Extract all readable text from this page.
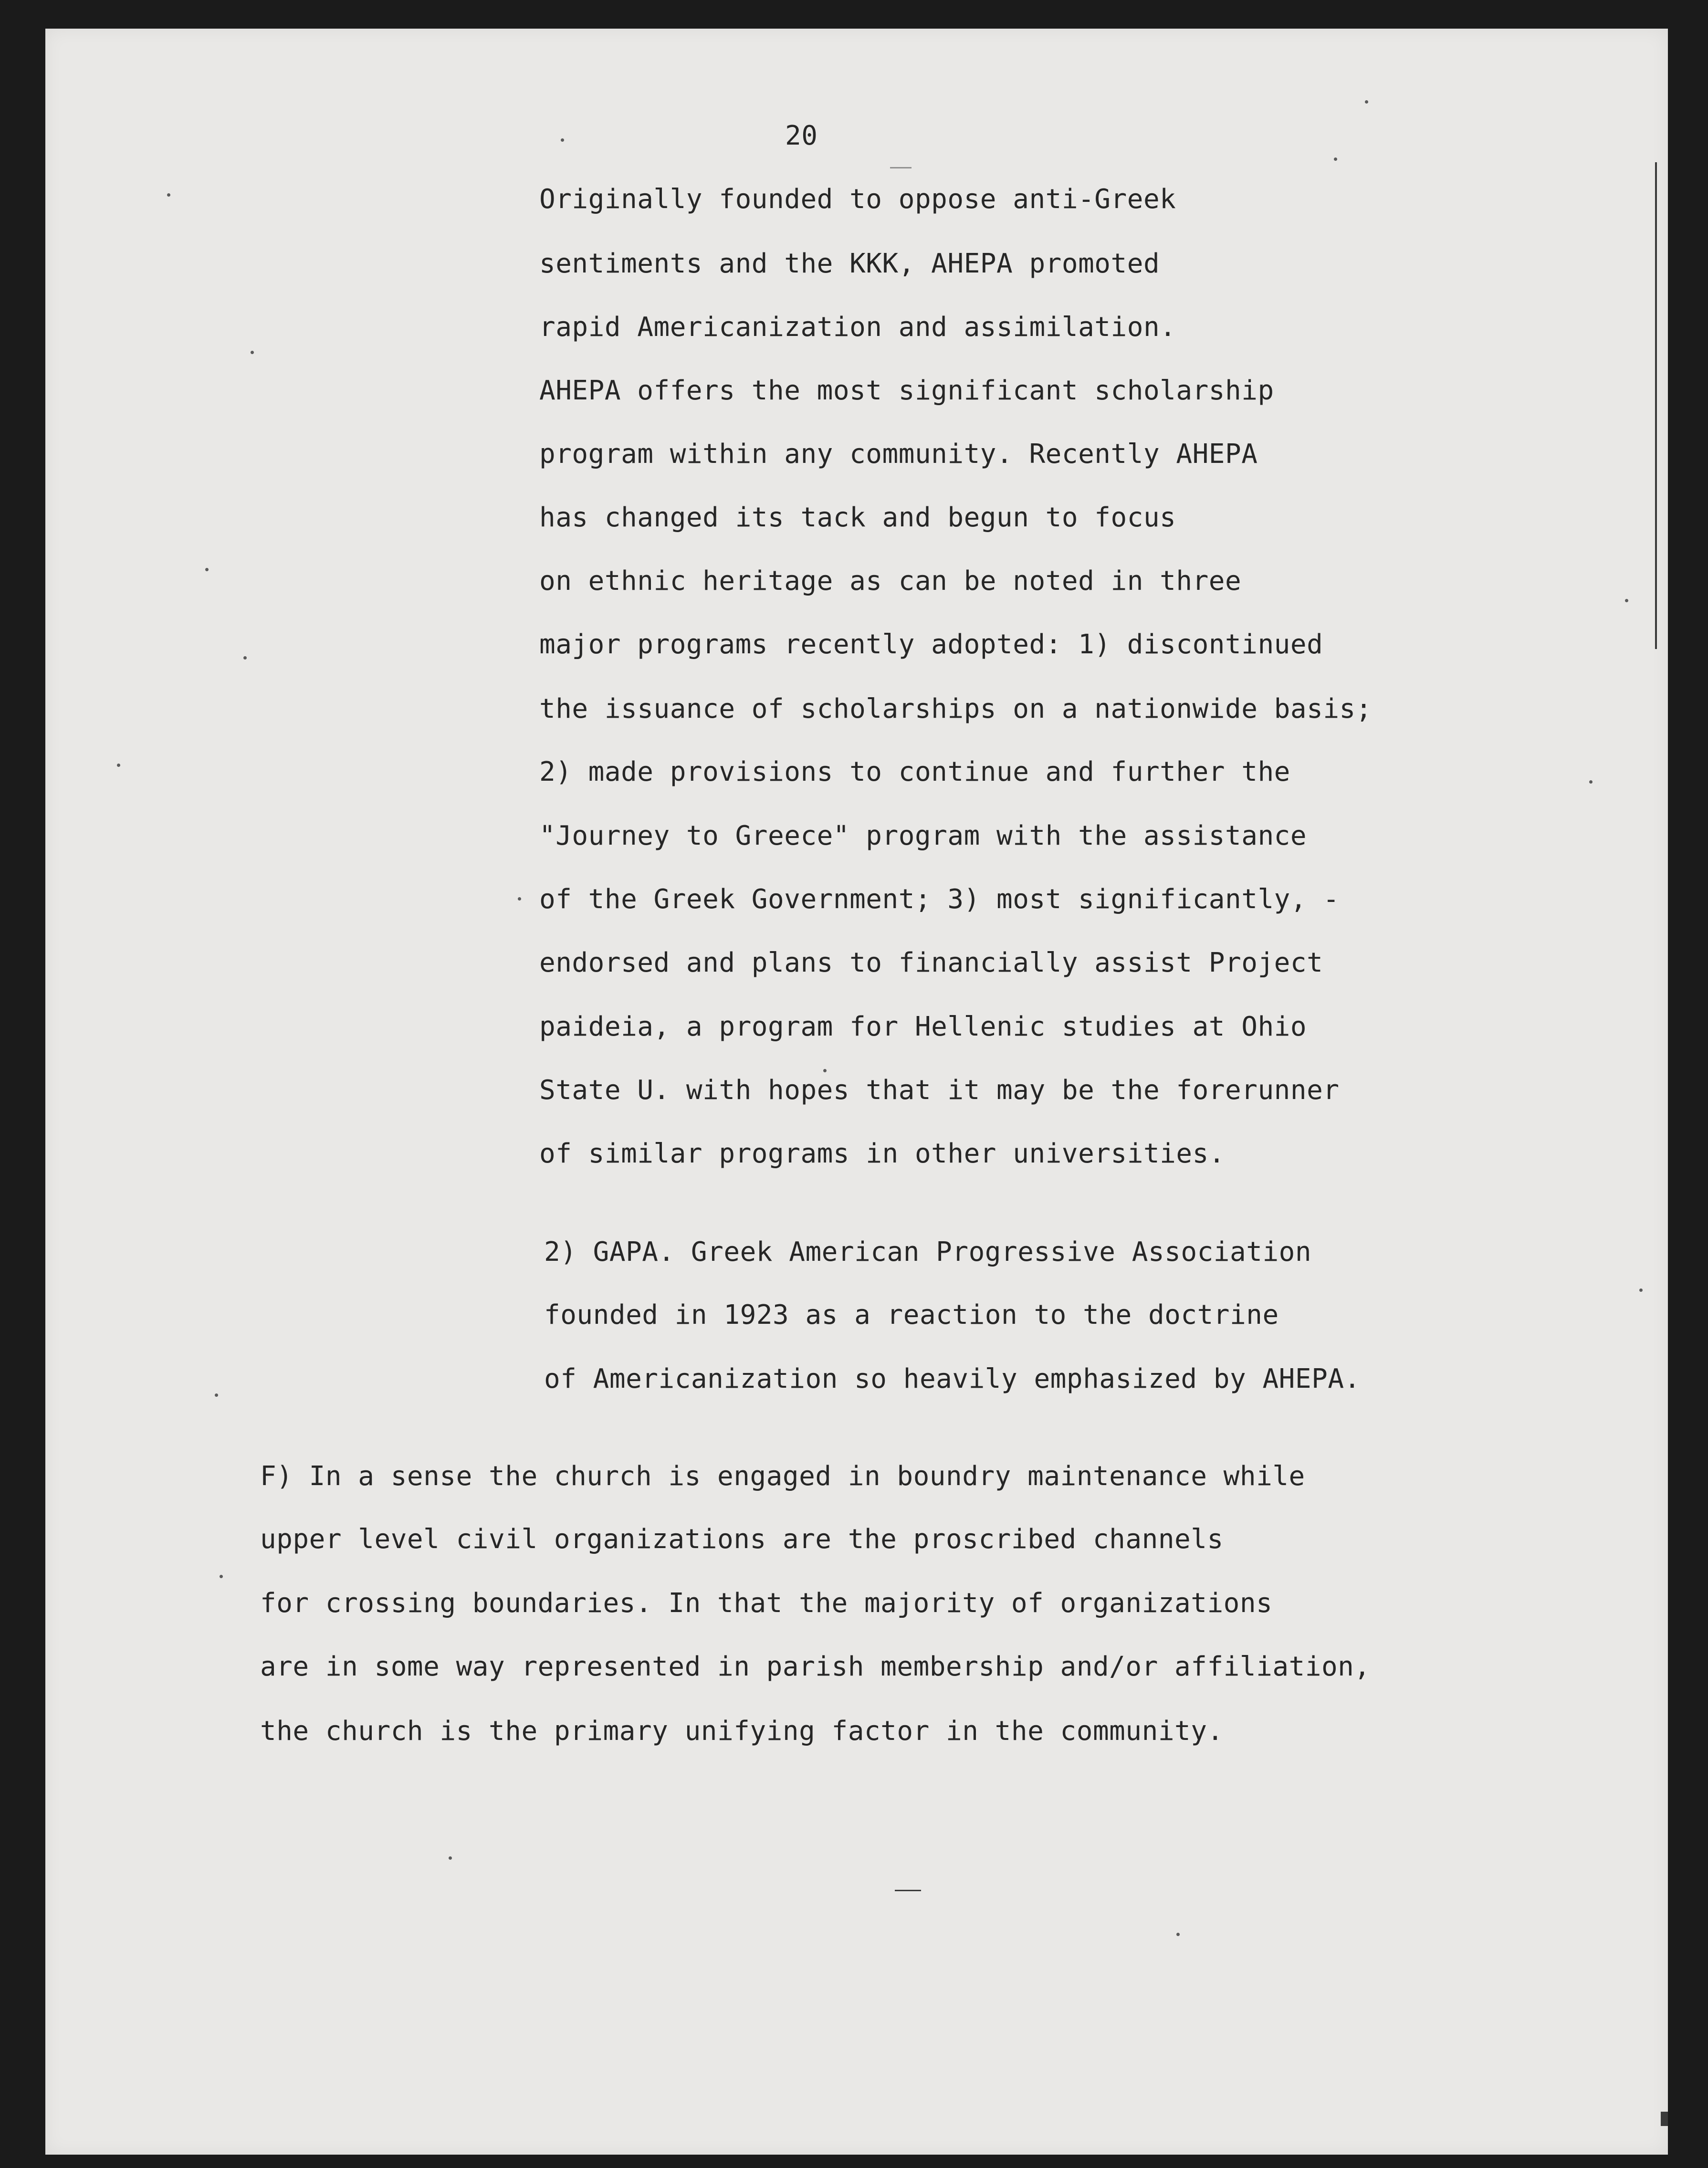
20
Originally founded to oppose anti-Greek
sentiments and the KKK, AHEPA promoted
rapid Americanization and assimilation.
AHEPA offers the most significant scholarship
program within any community. Recently AHEPA
has changed its tack and begun to focus
on ethnic heritage as can be noted in three
major programs recently adopted: 1) discontinued
the issuance of scholarships on a nationwide basis;
2) made provisions to continue and further the
"Journey to Greece" program with the assistance
of the Greek Government; 3) most significantly, -
endorsed and plans to financially assist Project
paideia, a program for Hellenic studies at Ohio
State U. with hopes that it may be the forerunner
of similar programs in other universities.
2) GAPA. Greek American Progressive Association
founded in 1923 as a reaction to the doctrine
of Americanization so heavily emphasized by AHEPA.
F) In a sense the church is engaged in boundry maintenance while
upper level civil organizations are the proscribed channels
for crossing boundaries. In that the majority of organizations
are in some way represented in parish membership and/or affiliation,
the church is the primary unifying factor in the community.
